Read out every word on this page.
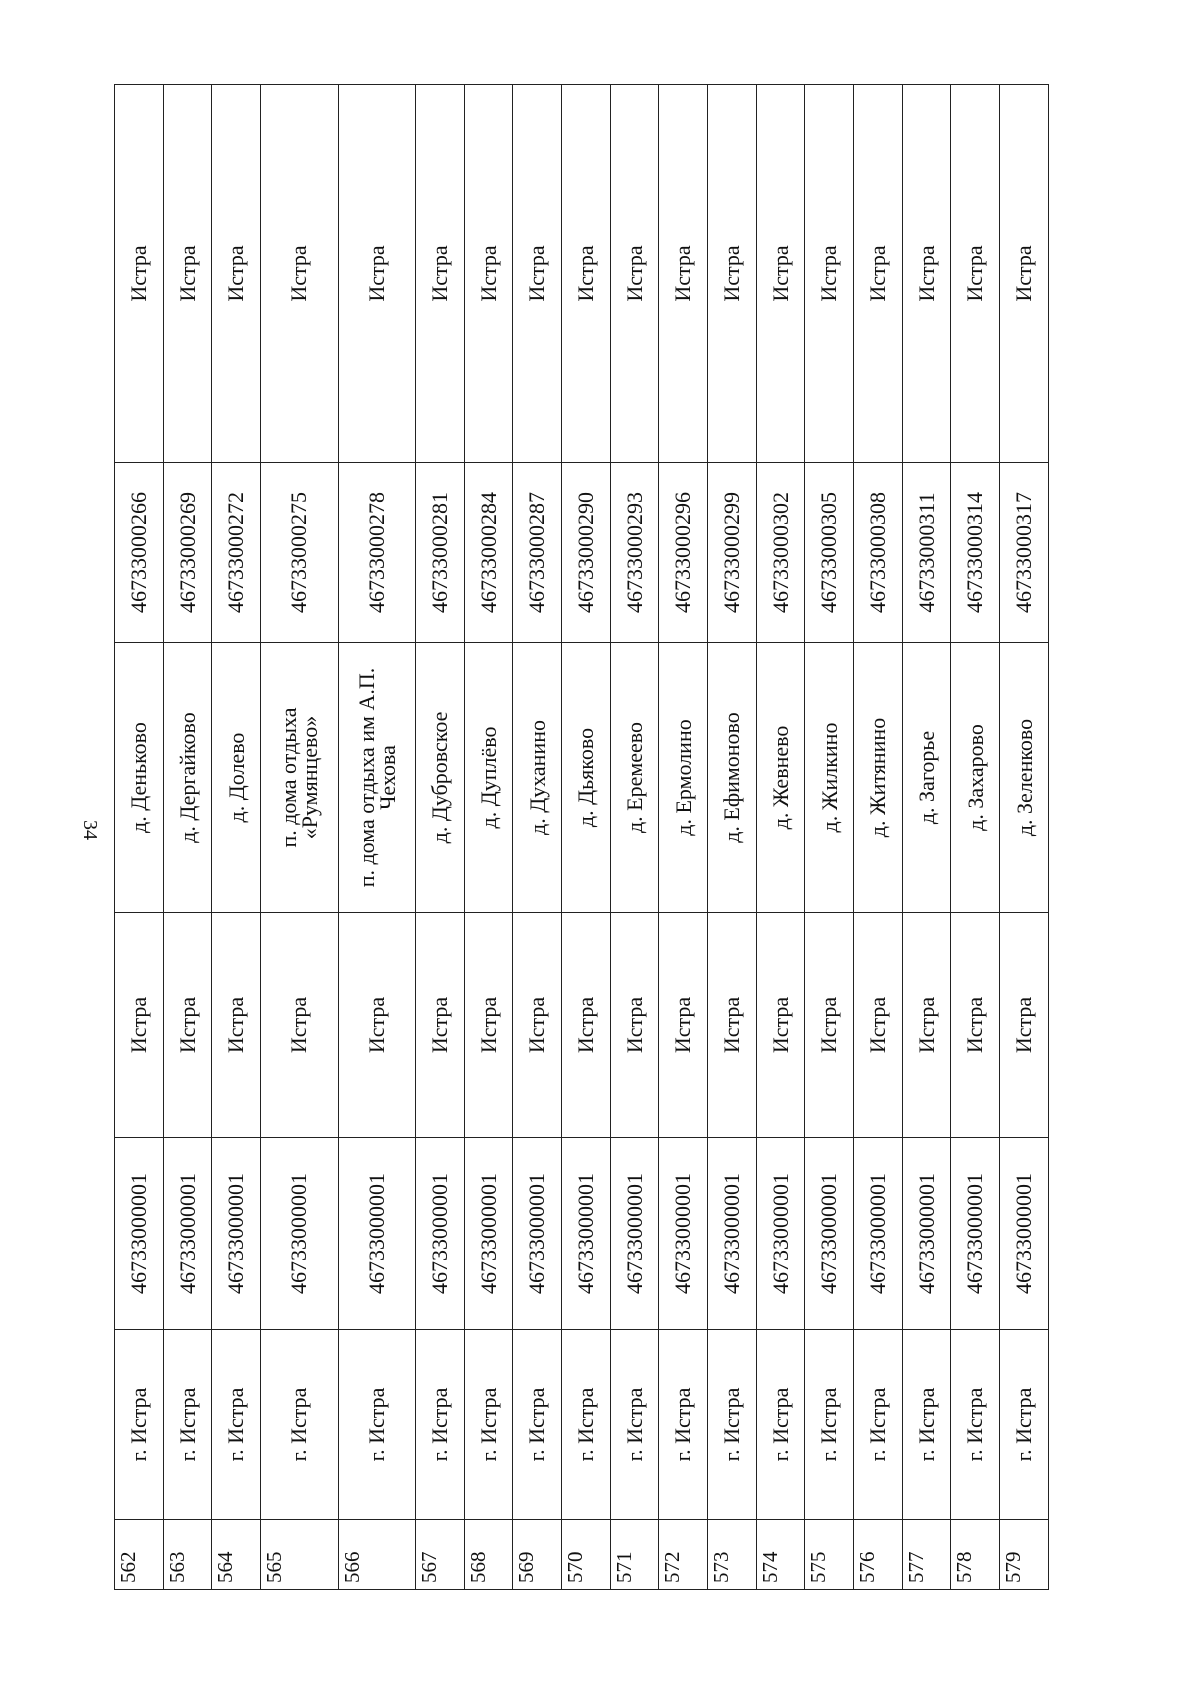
34
562	г. Истра	46733000001	Истра	д. Деньково	46733000266	Истра
563	г. Истра	46733000001	Истра	д. Дергайково	46733000269	Истра
564	г. Истра	46733000001	Истра	д. Долево	46733000272	Истра
565	г. Истра	46733000001	Истра	п. дома отдыха «Румянцево»	46733000275	Истра
566	г. Истра	46733000001	Истра	п. дома отдыха им А.П. Чехова	46733000278	Истра
567	г. Истра	46733000001	Истра	д. Дубровское	46733000281	Истра
568	г. Истра	46733000001	Истра	д. Дуплёво	46733000284	Истра
569	г. Истра	46733000001	Истра	д. Духанино	46733000287	Истра
570	г. Истра	46733000001	Истра	д. Дьяково	46733000290	Истра
571	г. Истра	46733000001	Истра	д. Еремеево	46733000293	Истра
572	г. Истра	46733000001	Истра	д. Ермолино	46733000296	Истра
573	г. Истра	46733000001	Истра	д. Ефимоново	46733000299	Истра
574	г. Истра	46733000001	Истра	д. Жевнево	46733000302	Истра
575	г. Истра	46733000001	Истра	д. Жилкино	46733000305	Истра
576	г. Истра	46733000001	Истра	д. Житянино	46733000308	Истра
577	г. Истра	46733000001	Истра	д. Загорье	46733000311	Истра
578	г. Истра	46733000001	Истра	д. Захарово	46733000314	Истра
579	г. Истра	46733000001	Истра	д. Зеленково	46733000317	Истра
